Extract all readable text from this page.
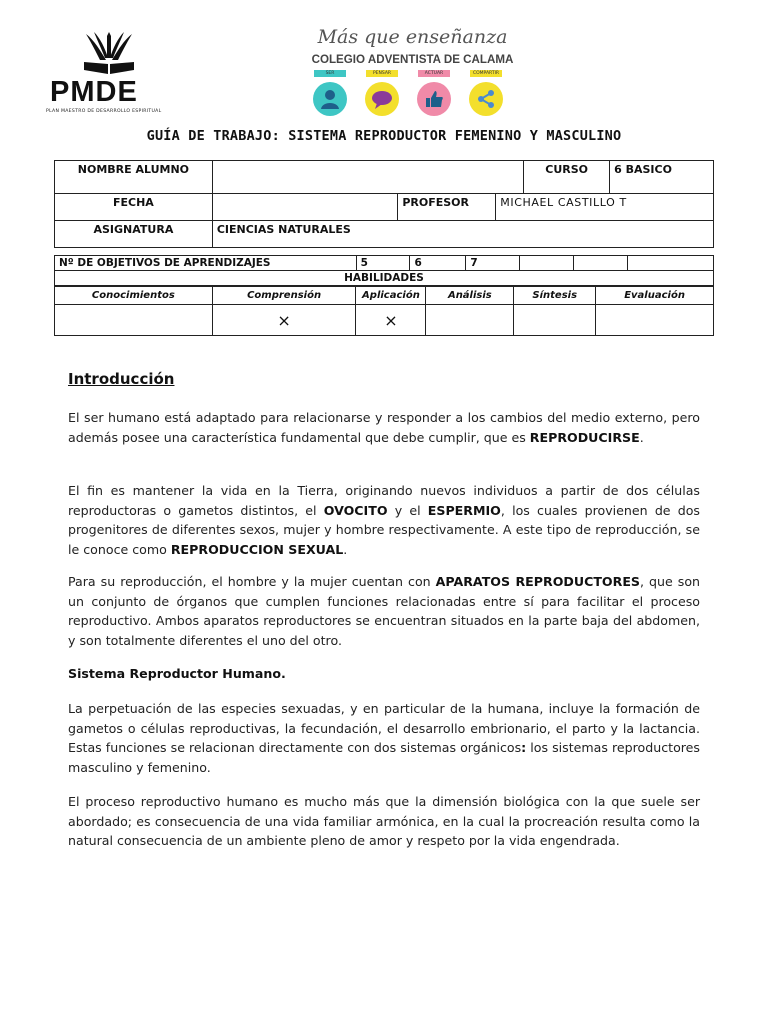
PMDE
PLAN MAESTRO DE DESARROLLO ESPIRITUAL
Más que enseñanza
COLEGIO ADVENTISTA DE CALAMA
SER	PENSAR	ACTUAR	COMPARTIR
GUÍA DE TRABAJO: SISTEMA REPRODUCTOR FEMENINO Y MASCULINO
NOMBRE ALUMNO				CURSO	6 BASICO
FECHA		PROFESOR	MICHAEL CASTILLO T		
ASIGNATURA	CIENCIAS NATURALES				
Nº DE OBJETIVOS DE APRENDIZAJES	5	6	7			
HABILIDADES
Conocimientos	Comprensión	Aplicación	Análisis	Síntesis	Evaluación
	×	×			
Introducción

El ser humano está adaptado para relacionarse y responder a los cambios del medio externo, pero además posee una característica fundamental que debe cumplir, que es REPRODUCIRSE.

El fin es mantener la vida en la Tierra, originando nuevos individuos a partir de dos células reproductoras o gametos distintos, el OVOCITO y el ESPERMIO, los cuales provienen de dos progenitores de diferentes sexos, mujer y hombre respectivamente. A este tipo de reproducción, se le conoce como REPRODUCCION SEXUAL.

Para su reproducción, el hombre y la mujer cuentan con APARATOS REPRODUCTORES, que son un conjunto de órganos que cumplen funciones relacionadas entre sí para facilitar el proceso reproductivo. Ambos aparatos reproductores se encuentran situados en la parte baja del abdomen, y son totalmente diferentes el uno del otro.

Sistema Reproductor Humano.

La perpetuación de las especies sexuadas, y en particular de la humana, incluye la formación de gametos o células reproductivas, la fecundación, el desarrollo embrionario, el parto y la lactancia. Estas funciones se relacionan directamente con dos sistemas orgánicos: los sistemas reproductores masculino y femenino.

El proceso reproductivo humano es mucho más que la dimensión biológica con la que suele ser abordado; es consecuencia de una vida familiar armónica, en la cual la procreación resulta como la natural consecuencia de un ambiente pleno de amor y respeto por la vida engendrada.
